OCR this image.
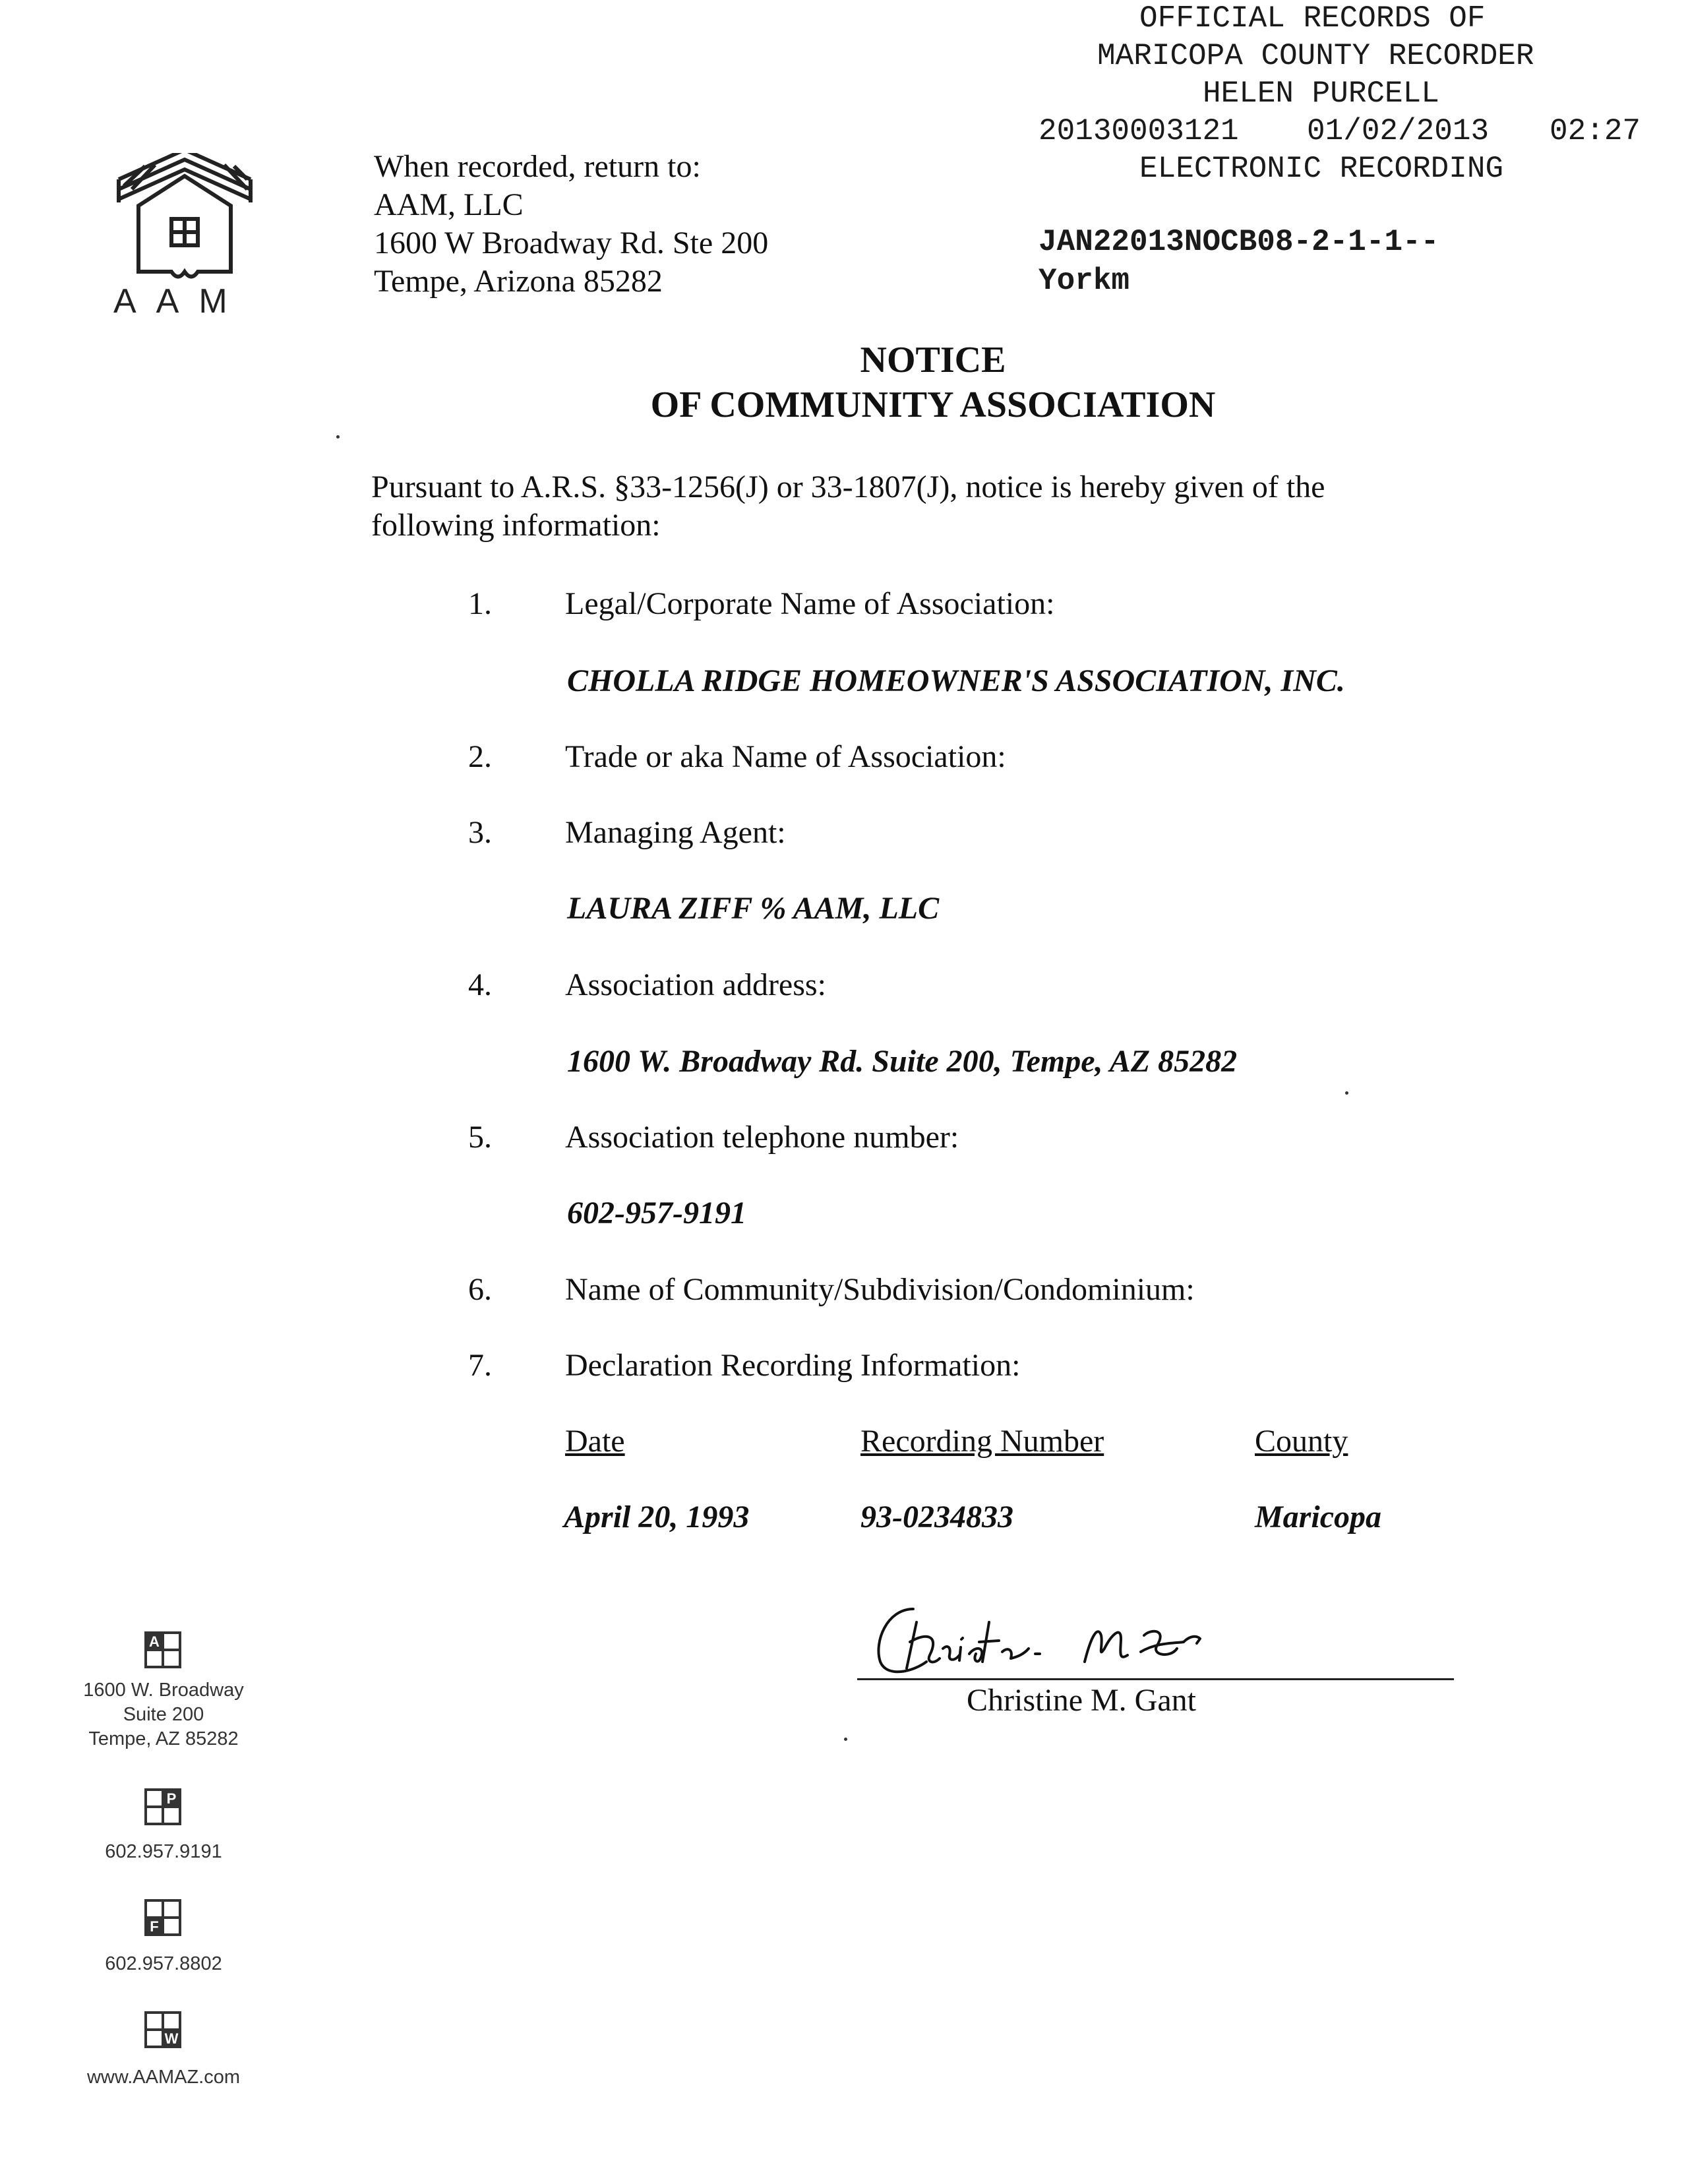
OFFICIAL RECORDS OF
MARICOPA COUNTY RECORDER
HELEN PURCELL
20130003121 01/02/2013 02:27
ELECTRONIC RECORDING
JAN22013NOCB08-2-1-1--
Yorkm
AAM
When recorded, return to:
AAM, LLC
1600 W Broadway Rd. Ste 200
Tempe, Arizona 85282
NOTICE
OF COMMUNITY ASSOCIATION
Pursuant to A.R.S. §33-1256(J) or 33-1807(J), notice is hereby given of the following information:
1.	Legal/Corporate Name of Association:
CHOLLA RIDGE HOMEOWNER'S ASSOCIATION, INC.
2.	Trade or aka Name of Association:
3.	Managing Agent:
LAURA ZIFF % AAM, LLC
4.	Association address:
1600 W. Broadway Rd. Suite 200, Tempe, AZ 85282
5.	Association telephone number:
602-957-9191
6.	Name of Community/Subdivision/Condominium:
7.	Declaration Recording Information:
Date	Recording Number	County
April 20, 1993	93-0234833	Maricopa
Christine M. Gant
A
1600 W. Broadway
Suite 200
Tempe, AZ 85282
P
602.957.9191
F
602.957.8802
W
www.AAMAZ.com
